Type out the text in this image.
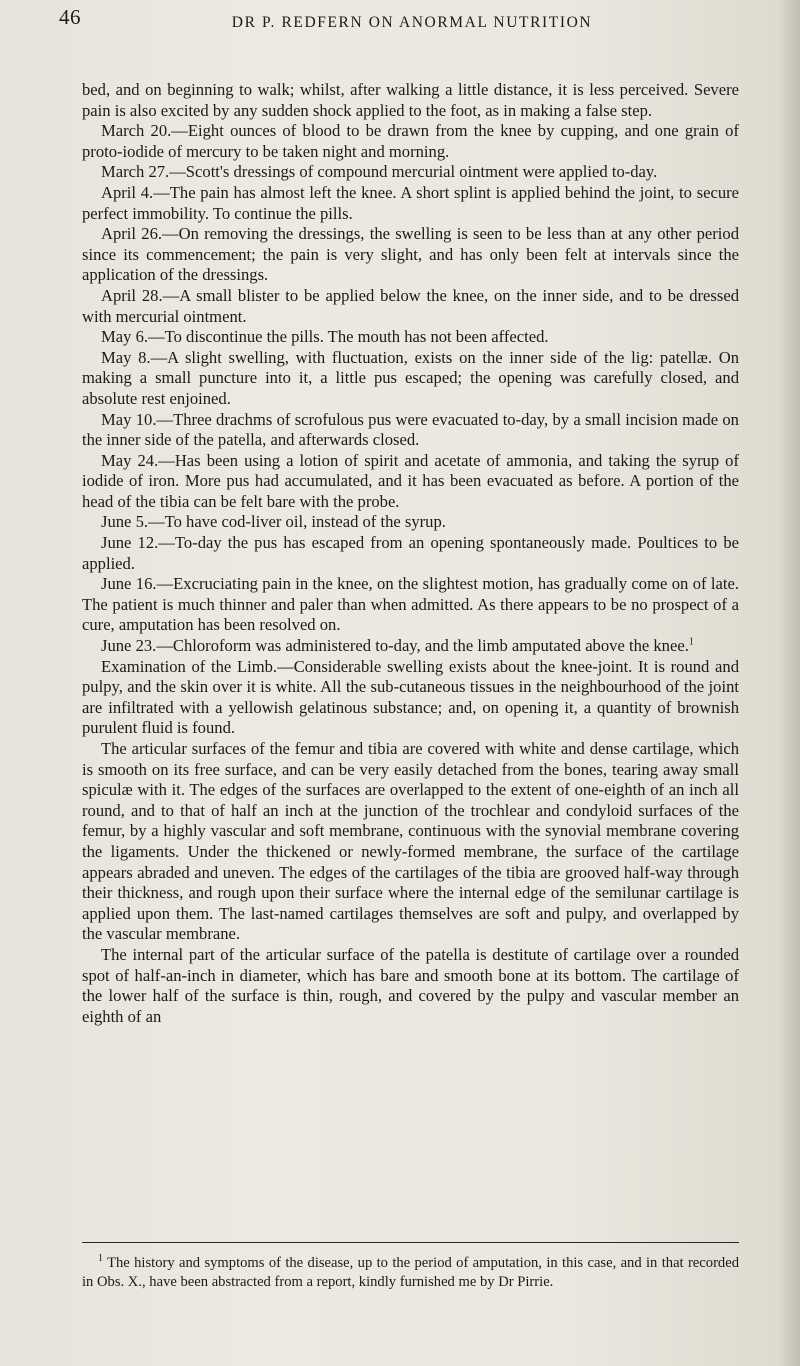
46	DR P. REDFERN ON ANORMAL NUTRITION

bed, and on beginning to walk; whilst, after walking a little distance, it is less perceived. Severe pain is also excited by any sudden shock applied to the foot, as in making a false step.

March 20.—Eight ounces of blood to be drawn from the knee by cupping, and one grain of proto-iodide of mercury to be taken night and morning.

March 27.—Scott's dressings of compound mercurial ointment were applied to-day.

April 4.—The pain has almost left the knee. A short splint is applied behind the joint, to secure perfect immobility. To continue the pills.

April 26.—On removing the dressings, the swelling is seen to be less than at any other period since its commencement; the pain is very slight, and has only been felt at intervals since the application of the dressings.

April 28.—A small blister to be applied below the knee, on the inner side, and to be dressed with mercurial ointment.

May 6.—To discontinue the pills. The mouth has not been affected.

May 8.—A slight swelling, with fluctuation, exists on the inner side of the lig: patellæ. On making a small puncture into it, a little pus escaped; the opening was carefully closed, and absolute rest enjoined.

May 10.—Three drachms of scrofulous pus were evacuated to-day, by a small incision made on the inner side of the patella, and afterwards closed.

May 24.—Has been using a lotion of spirit and acetate of ammonia, and taking the syrup of iodide of iron. More pus had accumulated, and it has been evacuated as before. A portion of the head of the tibia can be felt bare with the probe.

June 5.—To have cod-liver oil, instead of the syrup.

June 12.—To-day the pus has escaped from an opening spontaneously made. Poultices to be applied.

June 16.—Excruciating pain in the knee, on the slightest motion, has gradually come on of late. The patient is much thinner and paler than when admitted. As there appears to be no prospect of a cure, amputation has been resolved on.

June 23.—Chloroform was administered to-day, and the limb amputated above the knee.$^1$

Examination of the Limb.—Considerable swelling exists about the knee-joint. It is round and pulpy, and the skin over it is white. All the sub-cutaneous tissues in the neighbourhood of the joint are infiltrated with a yellowish gelatinous substance; and, on opening it, a quantity of brownish purulent fluid is found.

The articular surfaces of the femur and tibia are covered with white and dense cartilage, which is smooth on its free surface, and can be very easily detached from the bones, tearing away small spiculæ with it. The edges of the surfaces are overlapped to the extent of one-eighth of an inch all round, and to that of half an inch at the junction of the trochlear and condyloid surfaces of the femur, by a highly vascular and soft membrane, continuous with the synovial membrane covering the ligaments. Under the thickened or newly-formed membrane, the surface of the cartilage appears abraded and uneven. The edges of the cartilages of the tibia are grooved half-way through their thickness, and rough upon their surface where the internal edge of the semilunar cartilage is applied upon them. The last-named cartilages themselves are soft and pulpy, and overlapped by the vascular membrane.

The internal part of the articular surface of the patella is destitute of cartilage over a rounded spot of half-an-inch in diameter, which has bare and smooth bone at its bottom. The cartilage of the lower half of the surface is thin, rough, and covered by the pulpy and vascular member an eighth of an

$^1$ The history and symptoms of the disease, up to the period of amputation, in this case, and in that recorded in Obs. X., have been abstracted from a report, kindly furnished me by Dr Pirrie.
